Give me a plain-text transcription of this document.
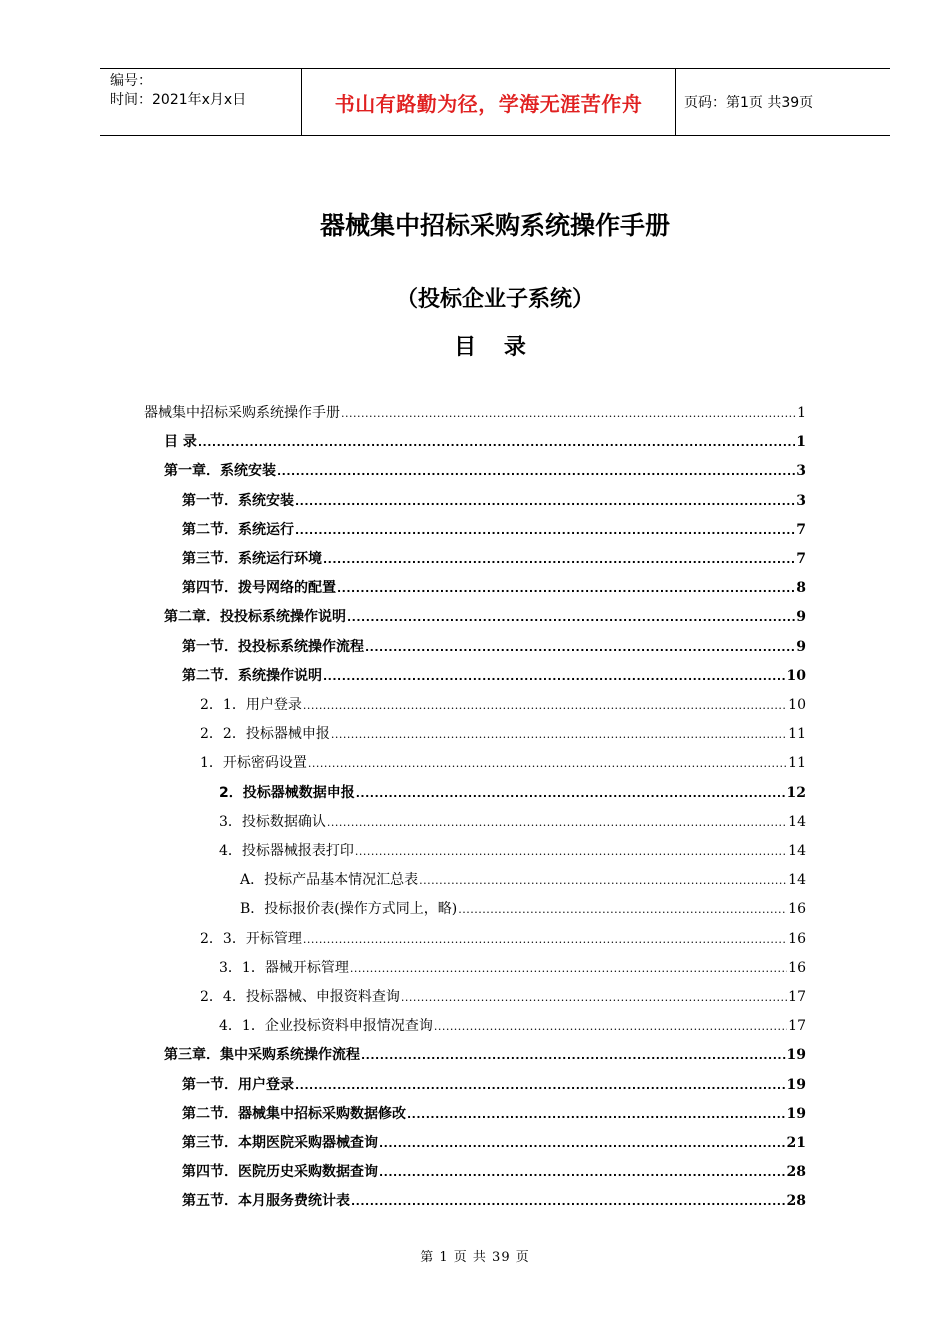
编号：
时间：2021年x月x日	书山有路勤为径，学海无涯苦作舟	页码：第1页 共39页
器械集中招标采购系统操作手册
（投标企业子系统）
目 录
器械集中招标采购系统操作手册 .....	1
目 录 .....	1
第一章．系统安装 .....	3
第一节．系统安装 .....	3
第二节．系统运行 .....	7
第三节．系统运行环境 .....	7
第四节．拨号网络的配置 .....	8
第二章．投投标系统操作说明 .....	9
第一节．投投标系统操作流程 .....	9
第二节．系统操作说明 .....	10
2．1．用户登录 .....	10
2．2．投标器械申报 .....	11
1．开标密码设置 .....	11
2．投标器械数据申报 .....	12
3．投标数据确认 .....	14
4．投标器械报表打印 .....	14
A．投标产品基本情况汇总表 .....	14
B．投标报价表(操作方式同上，略) .....	16
2．3．开标管理 .....	16
3．1．器械开标管理 .....	16
2．4．投标器械、申报资料查询 .....	17
4．1．企业投标资料申报情况查询 .....	17
第三章．集中采购系统操作流程 .....	19
第一节．用户登录 .....	19
第二节．器械集中招标采购数据修改 .....	19
第三节．本期医院采购器械查询 .....	21
第四节．医院历史采购数据查询 .....	28
第五节．本月服务费统计表 .....	28
第 1 页 共 39 页
